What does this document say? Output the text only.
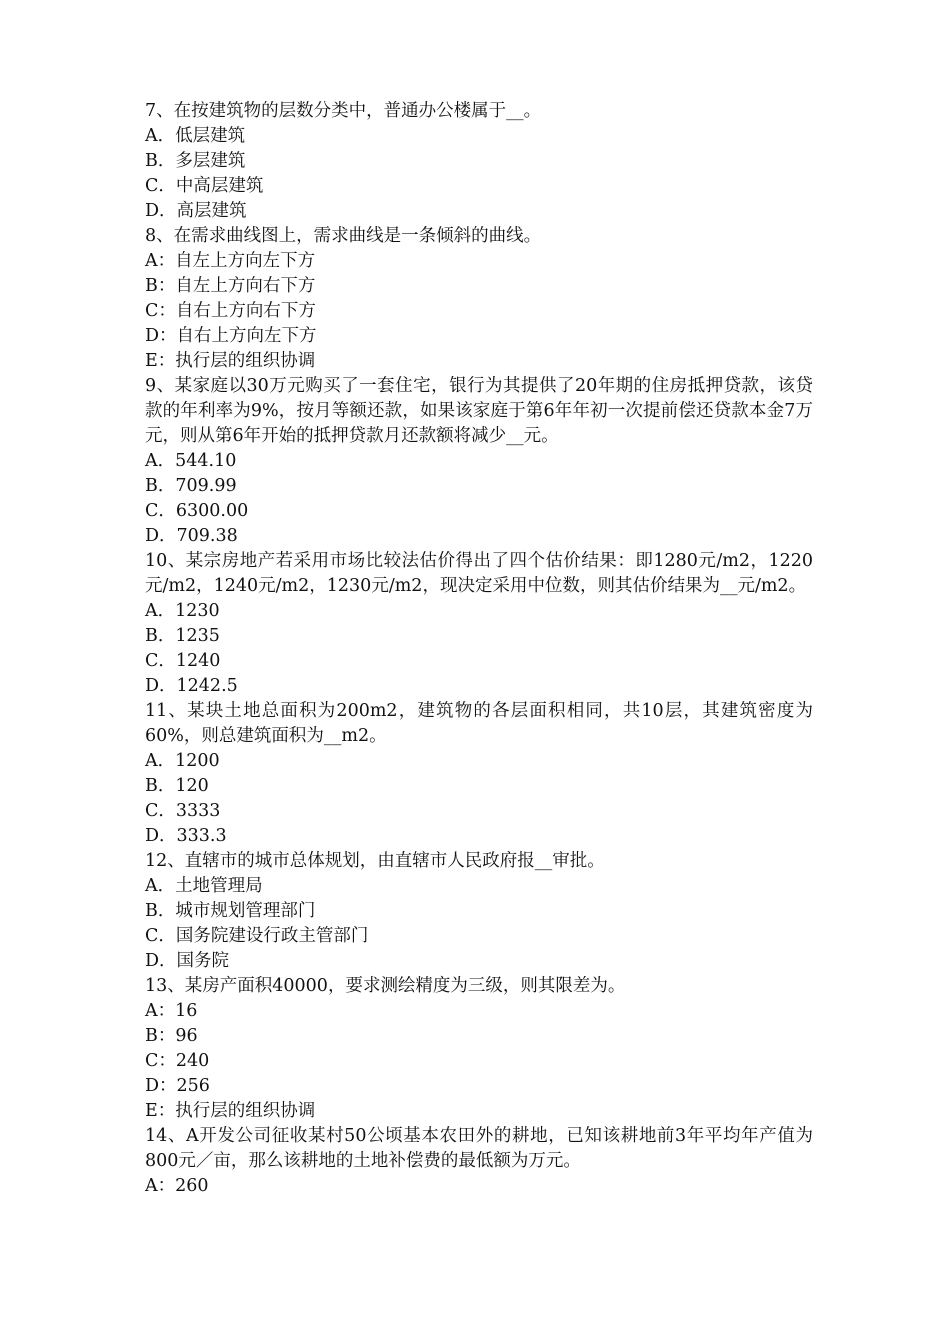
7、在按建筑物的层数分类中，普通办公楼属于__。
A．低层建筑
B．多层建筑
C．中高层建筑
D．高层建筑
8、在需求曲线图上，需求曲线是一条倾斜的曲线。
A：自左上方向左下方
B：自左上方向右下方
C：自右上方向右下方
D：自右上方向左下方
E：执行层的组织协调
9、某家庭以30万元购买了一套住宅，银行为其提供了20年期的住房抵押贷款，该贷款的年利率为9%，按月等额还款，如果该家庭于第6年年初一次提前偿还贷款本金7万元，则从第6年开始的抵押贷款月还款额将减少__元。
A．544.10
B．709.99
C．6300.00
D．709.38
10、某宗房地产若采用市场比较法估价得出了四个估价结果：即1280元/m2，1220元/m2，1240元/m2，1230元/m2，现决定采用中位数，则其估价结果为__元/m2。
A．1230
B．1235
C．1240
D．1242.5
11、某块土地总面积为200m2，建筑物的各层面积相同，共10层，其建筑密度为60%，则总建筑面积为__m2。
A．1200
B．120
C．3333
D．333.3
12、直辖市的城市总体规划，由直辖市人民政府报__审批。
A．土地管理局
B．城市规划管理部门
C．国务院建设行政主管部门
D．国务院
13、某房产面积40000，要求测绘精度为三级，则其限差为。
A：16
B：96
C：240
D：256
E：执行层的组织协调
14、A开发公司征收某村50公顷基本农田外的耕地，已知该耕地前3年平均年产值为800元／亩，那么该耕地的土地补偿费的最低额为万元。
A：260
